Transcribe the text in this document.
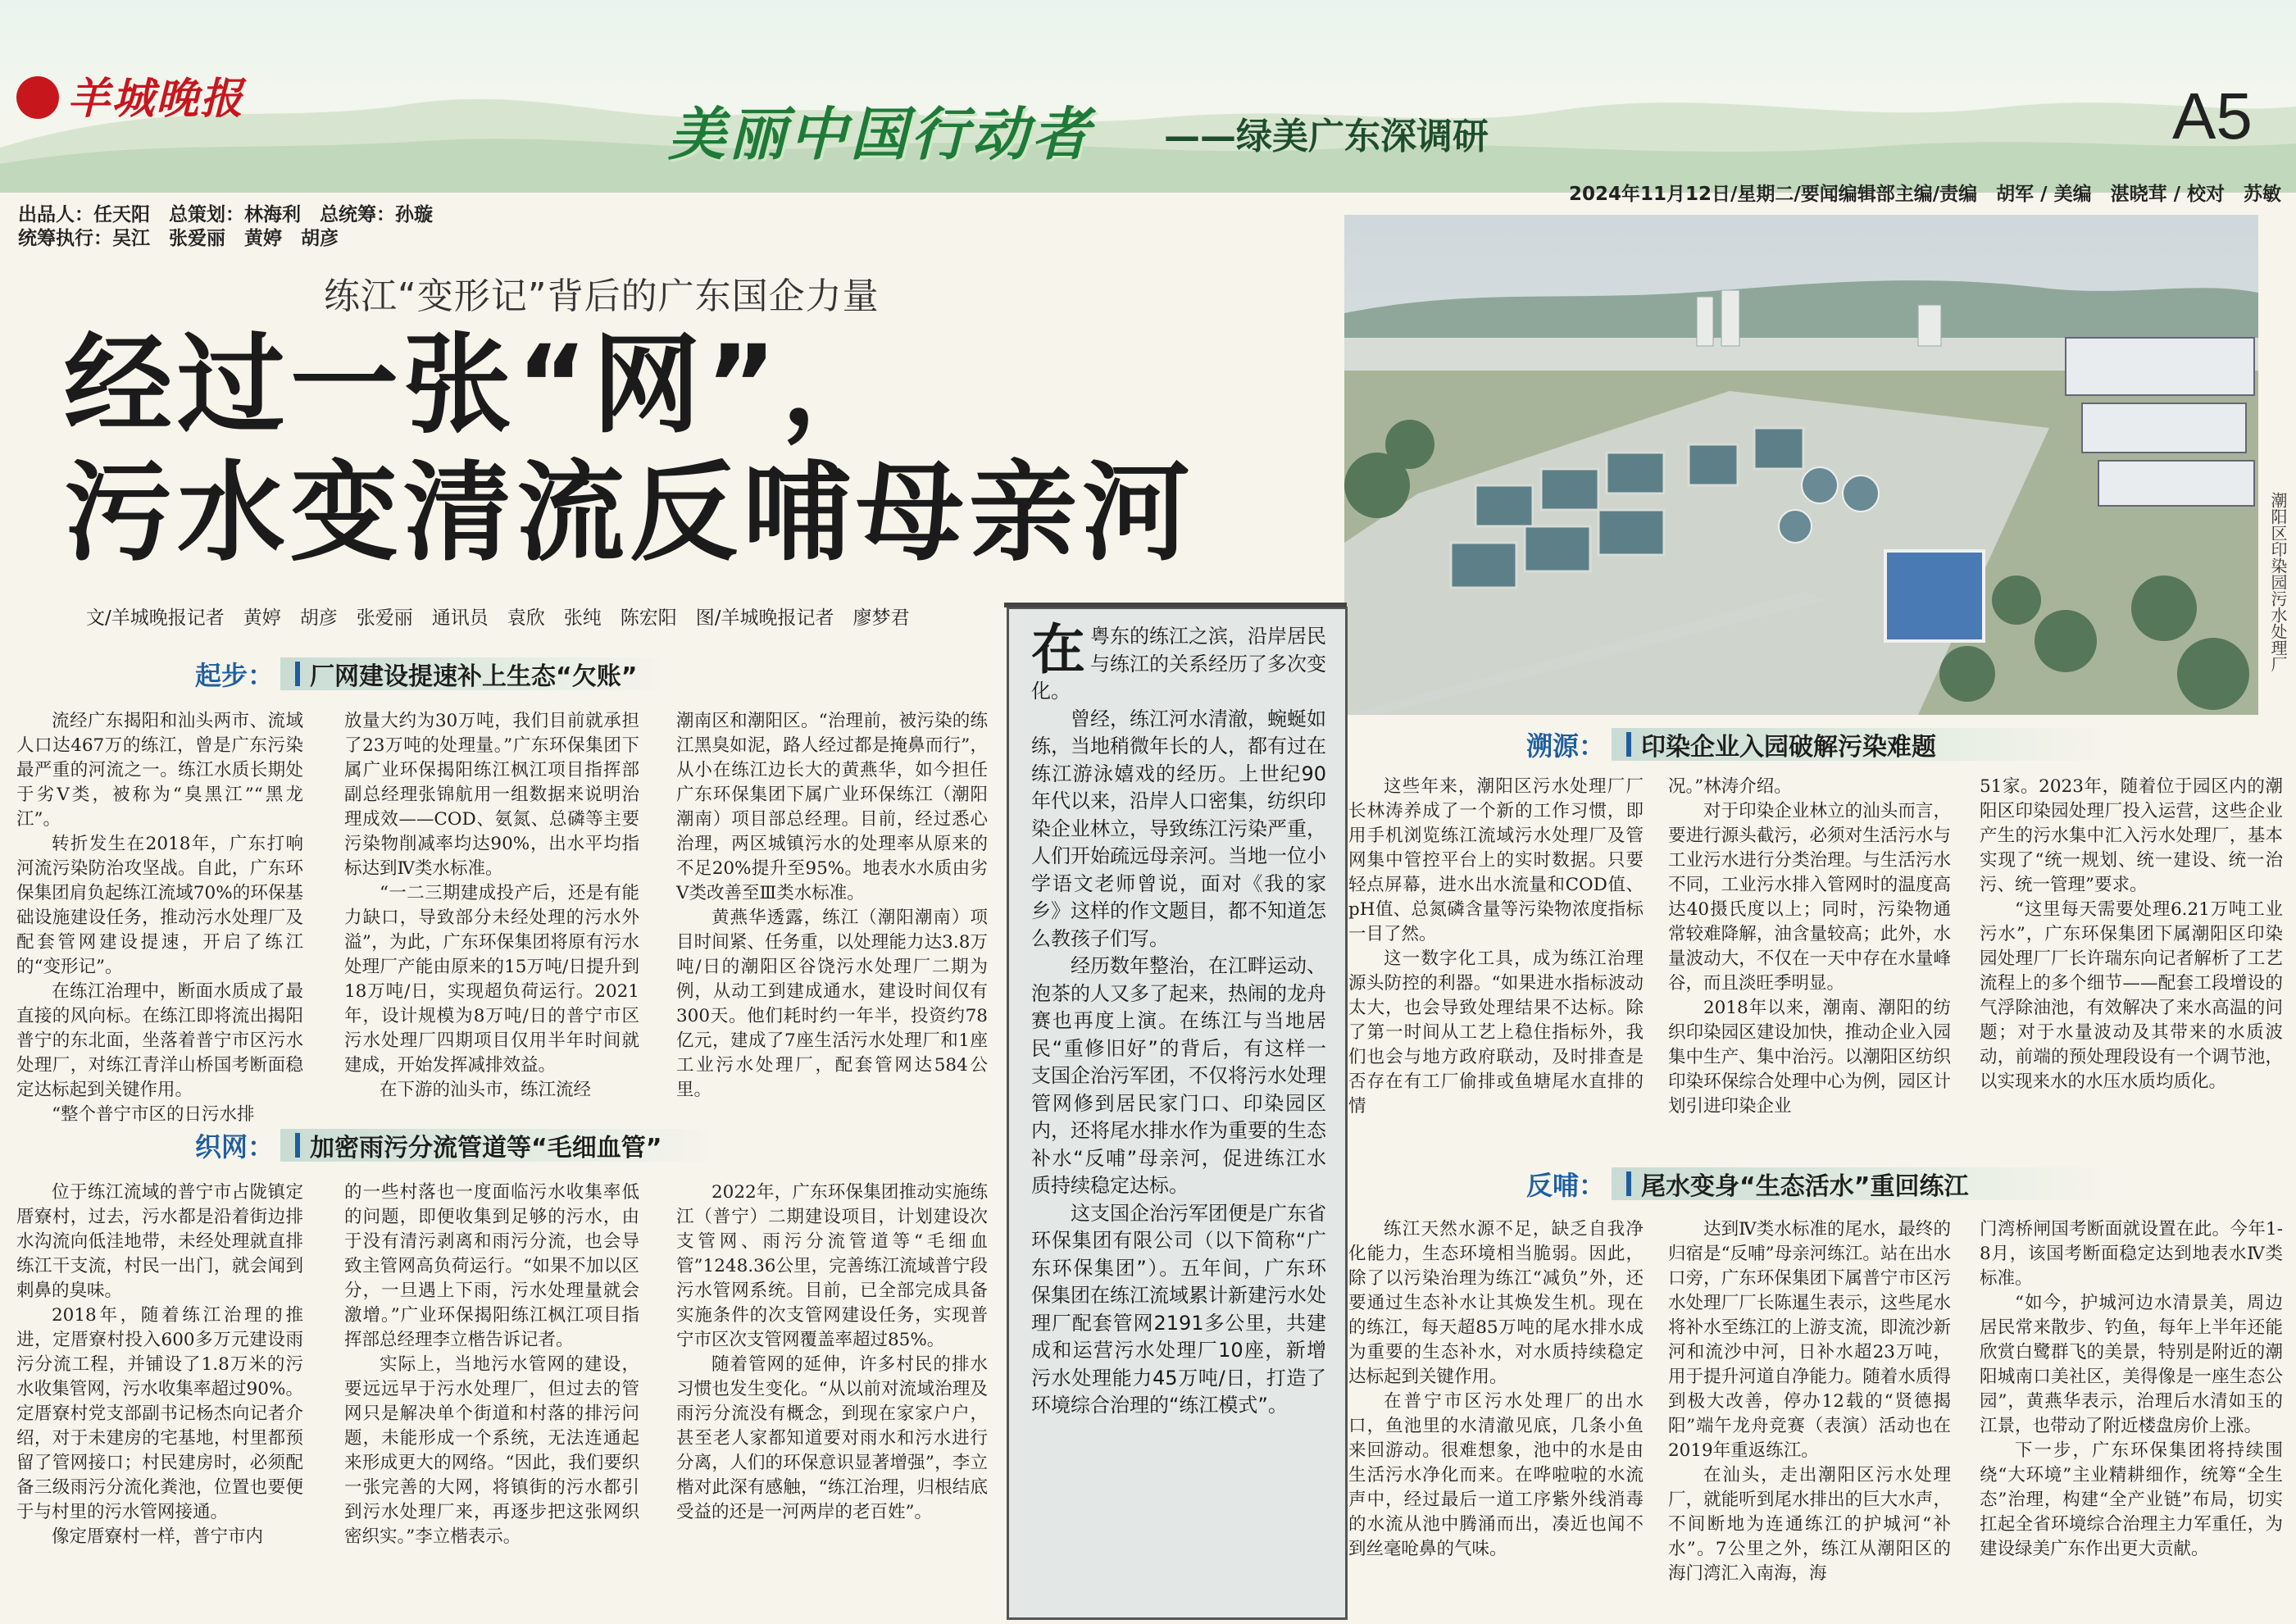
羊城晚报
美丽中国行动者 ——绿美广东深调研	A5
出品人：任天阳　总策划：林海利　总统筹：孙璇
统筹执行：吴江　张爱丽　黄婷　胡彦
2024年11月12日/星期二/要闻编辑部主编/责编　胡军 / 美编　湛晓茸 / 校对　苏敏
练江“变形记”背后的广东国企力量
经过一张“网”，
污水变清流反哺母亲河
文/羊城晚报记者　黄婷　胡彦　张爱丽　通讯员　袁欣　张纯　陈宏阳　图/羊城晚报记者　廖梦君	潮阳区印染园污水处理厂
起步：	厂网建设提速补上生态“欠账”

流经广东揭阳和汕头两市、流域人口达467万的练江，曾是广东污染最严重的河流之一。练江水质长期处于劣Ⅴ类，被称为“臭黑江”“黑龙江”。

转折发生在2018年，广东打响河流污染防治攻坚战。自此，广东环保集团肩负起练江流域70%的环保基础设施建设任务，推动污水处理厂及配套管网建设提速，开启了练江的“变形记”。

在练江治理中，断面水质成了最直接的风向标。在练江即将流出揭阳普宁的东北面，坐落着普宁市区污水处理厂，对练江青洋山桥国考断面稳定达标起到关键作用。

“整个普宁市区的日污水排

放量大约为30万吨，我们目前就承担了23万吨的处理量。”广东环保集团下属广业环保揭阳练江枫江项目指挥部副总经理张锦航用一组数据来说明治理成效——COD、氨氮、总磷等主要污染物削减率均达90%，出水平均指标达到Ⅳ类水标准。

“一二三期建成投产后，还是有能力缺口，导致部分未经处理的污水外溢”，为此，广东环保集团将原有污水处理厂产能由原来的15万吨/日提升到18万吨/日，实现超负荷运行。2021年，设计规模为8万吨/日的普宁市区污水处理厂四期项目仅用半年时间就建成，开始发挥减排效益。

在下游的汕头市，练江流经

潮南区和潮阳区。“治理前，被污染的练江黑臭如泥，路人经过都是掩鼻而行”，从小在练江边长大的黄燕华，如今担任广东环保集团下属广业环保练江（潮阳潮南）项目部总经理。目前，经过悉心治理，两区城镇污水的处理率从原来的不足20%提升至95%。地表水水质由劣Ⅴ类改善至Ⅲ类水标准。

黄燕华透露，练江（潮阳潮南）项目时间紧、任务重，以处理能力达3.8万吨/日的潮阳区谷饶污水处理厂二期为例，从动工到建成通水，建设时间仅有300天。他们耗时约一年半，投资约78亿元，建成了7座生活污水处理厂和1座工业污水处理厂，配套管网达584公里。

织网：	加密雨污分流管道等“毛细血管”

位于练江流域的普宁市占陇镇定厝寮村，过去，污水都是沿着街边排水沟流向低洼地带，未经处理就直排练江干支流，村民一出门，就会闻到刺鼻的臭味。

2018年，随着练江治理的推进，定厝寮村投入600多万元建设雨污分流工程，并铺设了1.8万米的污水收集管网，污水收集率超过90%。定厝寮村党支部副书记杨杰向记者介绍，对于未建房的宅基地，村里都预留了管网接口；村民建房时，必须配备三级雨污分流化粪池，位置也要便于与村里的污水管网接通。

像定厝寮村一样，普宁市内

的一些村落也一度面临污水收集率低的问题，即便收集到足够的污水，由于没有清污剥离和雨污分流，也会导致主管网高负荷运行。“如果不加以区分，一旦遇上下雨，污水处理量就会激增。”广业环保揭阳练江枫江项目指挥部总经理李立楷告诉记者。

实际上，当地污水管网的建设，要远远早于污水处理厂，但过去的管网只是解决单个街道和村落的排污问题，未能形成一个系统，无法连通起来形成更大的网络。“因此，我们要织一张完善的大网，将镇街的污水都引到污水处理厂来，再逐步把这张网织密织实。”李立楷表示。

2022年，广东环保集团推动实施练江（普宁）二期建设项目，计划建设次支管网、雨污分流管道等“毛细血管”1248.36公里，完善练江流域普宁段污水管网系统。目前，已全部完成具备实施条件的次支管网建设任务，实现普宁市区次支管网覆盖率超过85%。

随着管网的延伸，许多村民的排水习惯也发生变化。“从以前对流域治理及雨污分流没有概念，到现在家家户户，甚至老人家都知道要对雨水和污水进行分离，人们的环保意识显著增强”，李立楷对此深有感触，“练江治理，归根结底受益的还是一河两岸的老百姓”。

在粤东的练江之滨，沿岸居民与练江的关系经历了多次变化。

曾经，练江河水清澈，蜿蜒如练，当地稍微年长的人，都有过在练江游泳嬉戏的经历。上世纪90年代以来，沿岸人口密集，纺织印染企业林立，导致练江污染严重，人们开始疏远母亲河。当地一位小学语文老师曾说，面对《我的家乡》这样的作文题目，都不知道怎么教孩子们写。

经历数年整治，在江畔运动、泡茶的人又多了起来，热闹的龙舟赛也再度上演。在练江与当地居民“重修旧好”的背后，有这样一支国企治污军团，不仅将污水处理管网修到居民家门口、印染园区内，还将尾水排水作为重要的生态补水“反哺”母亲河，促进练江水质持续稳定达标。

这支国企治污军团便是广东省环保集团有限公司（以下简称“广东环保集团”）。五年间，广东环保集团在练江流域累计新建污水处理厂配套管网2191多公里，共建成和运营污水处理厂10座，新增污水处理能力45万吨/日，打造了环境综合治理的“练江模式”。

溯源：	印染企业入园破解污染难题

这些年来，潮阳区污水处理厂厂长林涛养成了一个新的工作习惯，即用手机浏览练江流域污水处理厂及管网集中管控平台上的实时数据。只要轻点屏幕，进水出水流量和COD值、pH值、总氮磷含量等污染物浓度指标一目了然。

这一数字化工具，成为练江治理源头防控的利器。“如果进水指标波动太大，也会导致处理结果不达标。除了第一时间从工艺上稳住指标外，我们也会与地方政府联动，及时排查是否存在有工厂偷排或鱼塘尾水直排的情

况。”林涛介绍。

对于印染企业林立的汕头而言，要进行源头截污，必须对生活污水与工业污水进行分类治理。与生活污水不同，工业污水排入管网时的温度高达40摄氏度以上；同时，污染物通常较难降解，油含量较高；此外，水量波动大，不仅在一天中存在水量峰谷，而且淡旺季明显。

2018年以来，潮南、潮阳的纺织印染园区建设加快，推动企业入园集中生产、集中治污。以潮阳区纺织印染环保综合处理中心为例，园区计划引进印染企业

51家。2023年，随着位于园区内的潮阳区印染园处理厂投入运营，这些企业产生的污水集中汇入污水处理厂，基本实现了“统一规划、统一建设、统一治污、统一管理”要求。

“这里每天需要处理6.21万吨工业污水”，广东环保集团下属潮阳区印染园处理厂厂长许瑞东向记者解析了工艺流程上的多个细节——配套工段增设的气浮除油池，有效解决了来水高温的问题；对于水量波动及其带来的水质波动，前端的预处理段设有一个调节池，以实现来水的水压水质均质化。

反哺：	尾水变身“生态活水”重回练江

练江天然水源不足，缺乏自我净化能力，生态环境相当脆弱。因此，除了以污染治理为练江“减负”外，还要通过生态补水让其焕发生机。现在的练江，每天超85万吨的尾水排水成为重要的生态补水，对水质持续稳定达标起到关键作用。

在普宁市区污水处理厂的出水口，鱼池里的水清澈见底，几条小鱼来回游动。很难想象，池中的水是由生活污水净化而来。在哗啦啦的水流声中，经过最后一道工序紫外线消毒的水流从池中腾涌而出，凑近也闻不到丝毫呛鼻的气味。

达到Ⅳ类水标准的尾水，最终的归宿是“反哺”母亲河练江。站在出水口旁，广东环保集团下属普宁市区污水处理厂厂长陈暹生表示，这些尾水将补水至练江的上游支流，即流沙新河和流沙中河，日补水超23万吨，用于提升河道自净能力。随着水质得到极大改善，停办12载的“贤德揭阳”端午龙舟竞赛（表演）活动也在2019年重返练江。

在汕头，走出潮阳区污水处理厂，就能听到尾水排出的巨大水声，不间断地为连通练江的护城河“补水”。7公里之外，练江从潮阳区的海门湾汇入南海，海

门湾桥闸国考断面就设置在此。今年1-8月，该国考断面稳定达到地表水Ⅳ类标准。

“如今，护城河边水清景美，周边居民常来散步、钓鱼，每年上半年还能欣赏白鹭群飞的美景，特别是附近的潮阳城南口美社区，美得像是一座生态公园”，黄燕华表示，治理后水清如玉的江景，也带动了附近楼盘房价上涨。

下一步，广东环保集团将持续围绕“大环境”主业精耕细作，统筹“全生态”治理，构建“全产业链”布局，切实扛起全省环境综合治理主力军重任，为建设绿美广东作出更大贡献。
